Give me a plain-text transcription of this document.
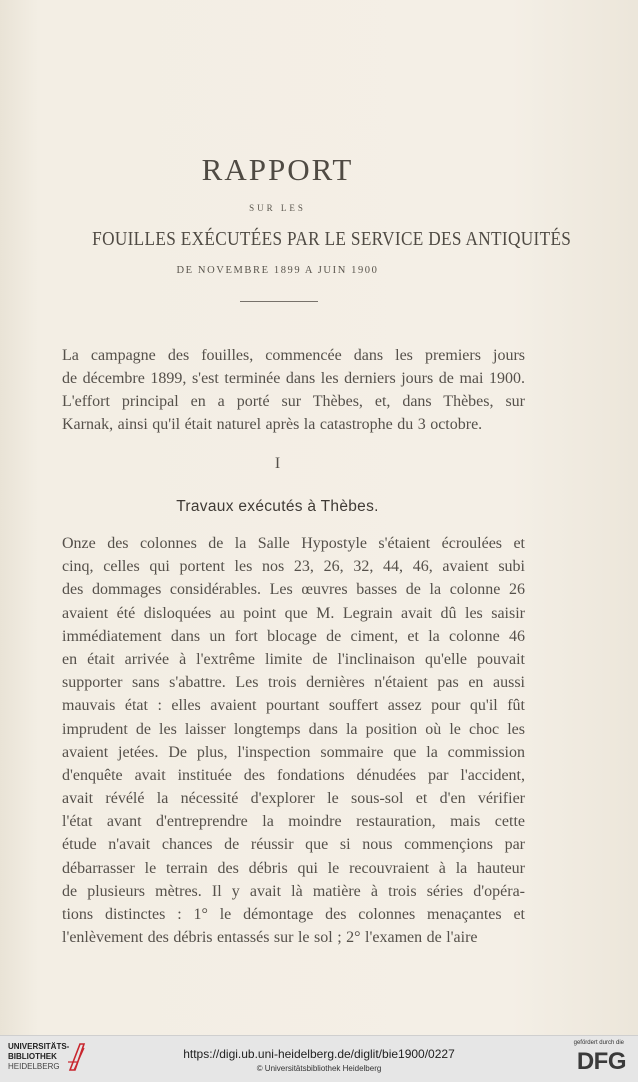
RAPPORT
SUR LES
FOUILLES EXÉCUTÉES PAR LE SERVICE DES ANTIQUITÉS
DE NOVEMBRE 1899 A JUIN 1900
La campagne des fouilles, commencée dans les premiers jours
de décembre 1899, s'est terminée dans les derniers jours de mai 1900.
L'effort principal en a porté sur Thèbes, et, dans Thèbes, sur
Karnak, ainsi qu'il était naturel après la catastrophe du 3 octobre.
I
Travaux exécutés à Thèbes.
Onze des colonnes de la Salle Hypostyle s'étaient écroulées et
cinq, celles qui portent les nos 23, 26, 32, 44, 46, avaient subi
des dommages considérables. Les œuvres basses de la colonne 26
avaient été disloquées au point que M. Legrain avait dû les saisir
immédiatement dans un fort blocage de ciment, et la colonne 46
en était arrivée à l'extrême limite de l'inclinaison qu'elle pouvait
supporter sans s'abattre. Les trois dernières n'étaient pas en aussi
mauvais état : elles avaient pourtant souffert assez pour qu'il fût
imprudent de les laisser longtemps dans la position où le choc les
avaient jetées. De plus, l'inspection sommaire que la commission
d'enquête avait instituée des fondations dénudées par l'accident,
avait révélé la nécessité d'explorer le sous-sol et d'en vérifier
l'état avant d'entreprendre la moindre restauration, mais cette
étude n'avait chances de réussir que si nous commençions par
débarrasser le terrain des débris qui le recouvraient à la hauteur
de plusieurs mètres. Il y avait là matière à trois séries d'opéra-
tions distinctes : 1° le démontage des colonnes menaçantes et
l'enlèvement des débris entassés sur le sol ; 2° l'examen de l'aire
UNIVERSITÄTS-
BIBLIOTHEK
HEIDELBERG
https://digi.ub.uni-heidelberg.de/diglit/bie1900/0227
© Universitätsbibliothek Heidelberg
gefördert durch die
DFG
